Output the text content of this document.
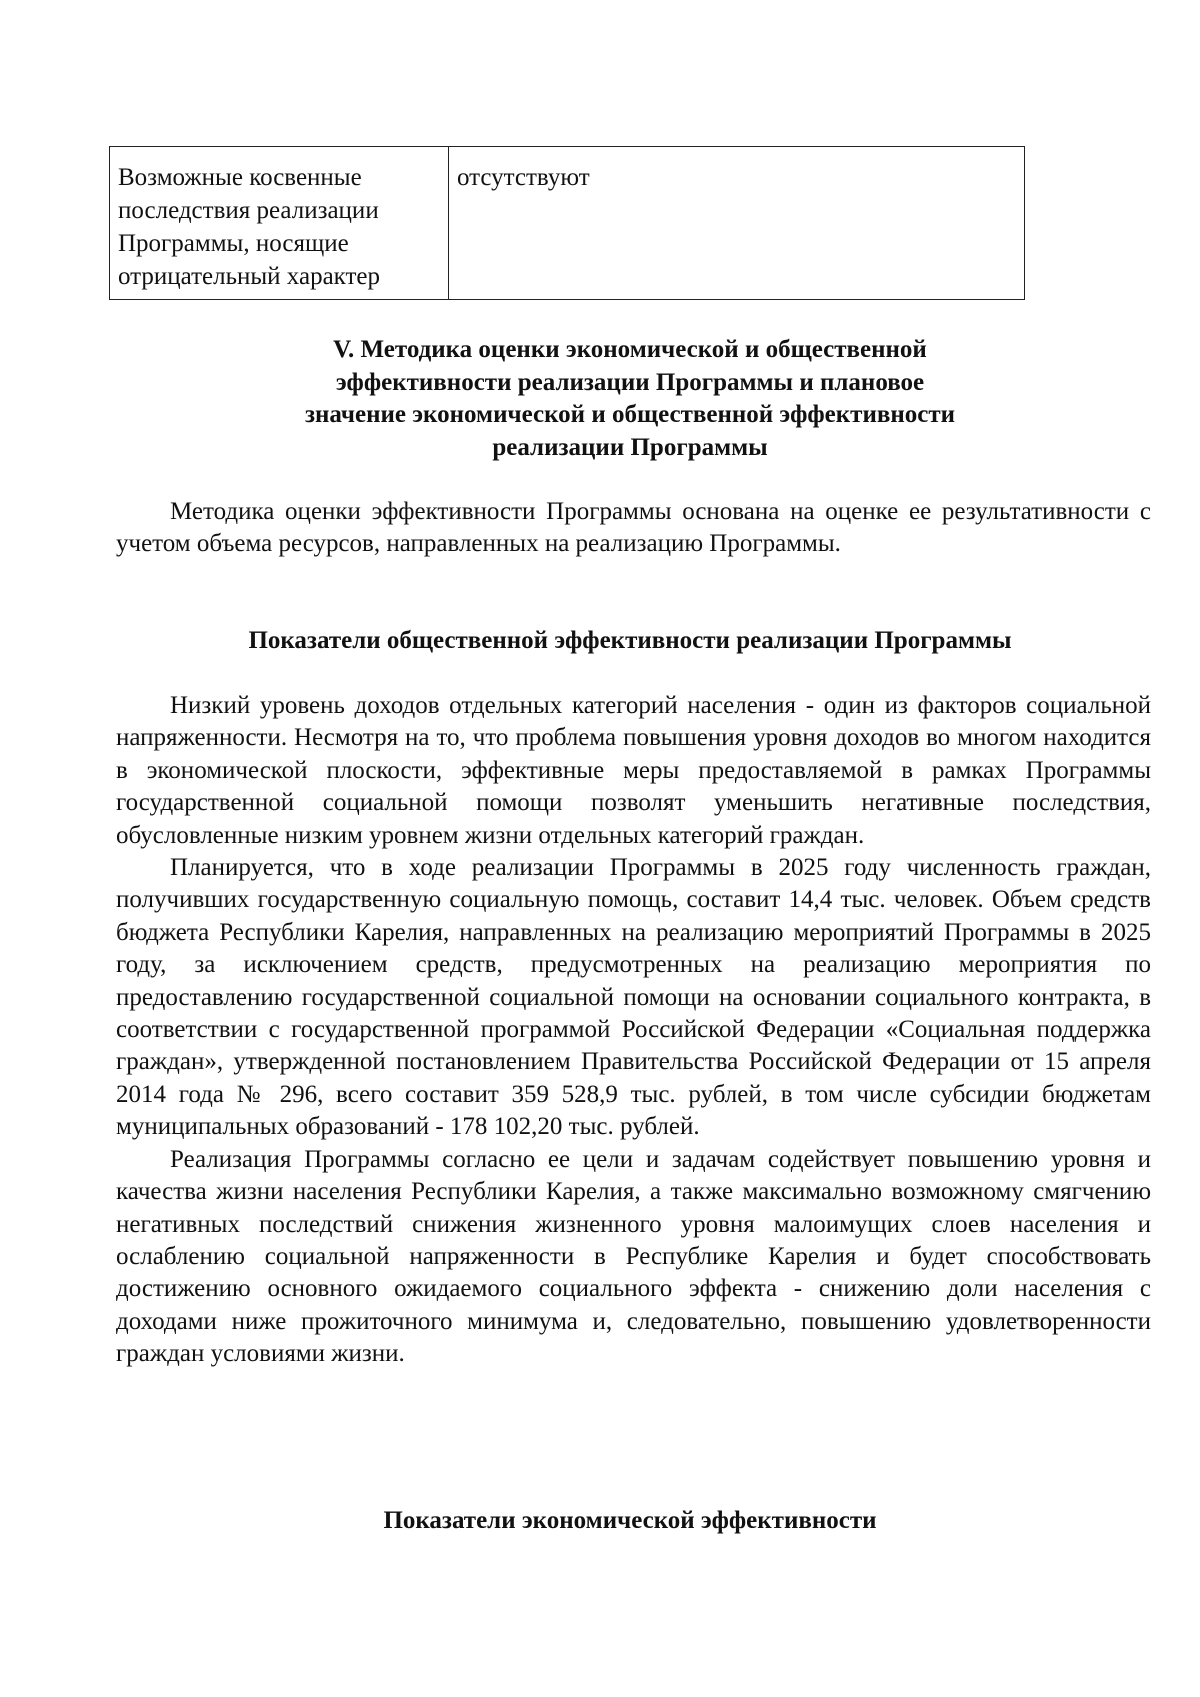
Возможные косвенные
последствия реализации
Программы, носящие
отрицательный характер
	отсутствуют
V. Методика оценки экономической и общественной
эффективности реализации Программы и плановое
значение экономической и общественной эффективности
реализации Программы

Методика оценки эффективности Программы основана на оценке ее результативности с учетом объема ресурсов, направленных на реализацию Программы.

Показатели общественной эффективности реализации Программы

Низкий уровень доходов отдельных категорий населения - один из факторов социальной напряженности. Несмотря на то, что проблема повышения уровня доходов во многом находится в экономической плоскости, эффективные меры предоставляемой в рамках Программы государственной социальной помощи позволят уменьшить негативные последствия, обусловленные низким уровнем жизни отдельных категорий граждан.

Планируется, что в ходе реализации Программы в 2025 году численность граждан, получивших государственную социальную помощь, составит 14,4 тыс. человек. Объем средств бюджета Республики Карелия, направленных на реализацию мероприятий Программы в 2025 году, за исключением средств, предусмотренных на реализацию мероприятия по предоставлению государственной социальной помощи на основании социального контракта, в соответствии с государственной программой Российской Федерации «Социальная поддержка граждан», утвержденной постановлением Правительства Российской Федерации от 15 апреля 2014 года № 296, всего составит 359 528,9 тыс. рублей, в том числе субсидии бюджетам муниципальных образований - 178 102,20 тыс. рублей.

Реализация Программы согласно ее цели и задачам содействует повышению уровня и качества жизни населения Республики Карелия, а также максимально возможному смягчению негативных последствий снижения жизненного уровня малоимущих слоев населения и ослаблению социальной напряженности в Республике Карелия и будет способствовать достижению основного ожидаемого социального эффекта - снижению доли населения с доходами ниже прожиточного минимума и, следовательно, повышению удовлетворенности граждан условиями жизни.

Показатели экономической эффективности
